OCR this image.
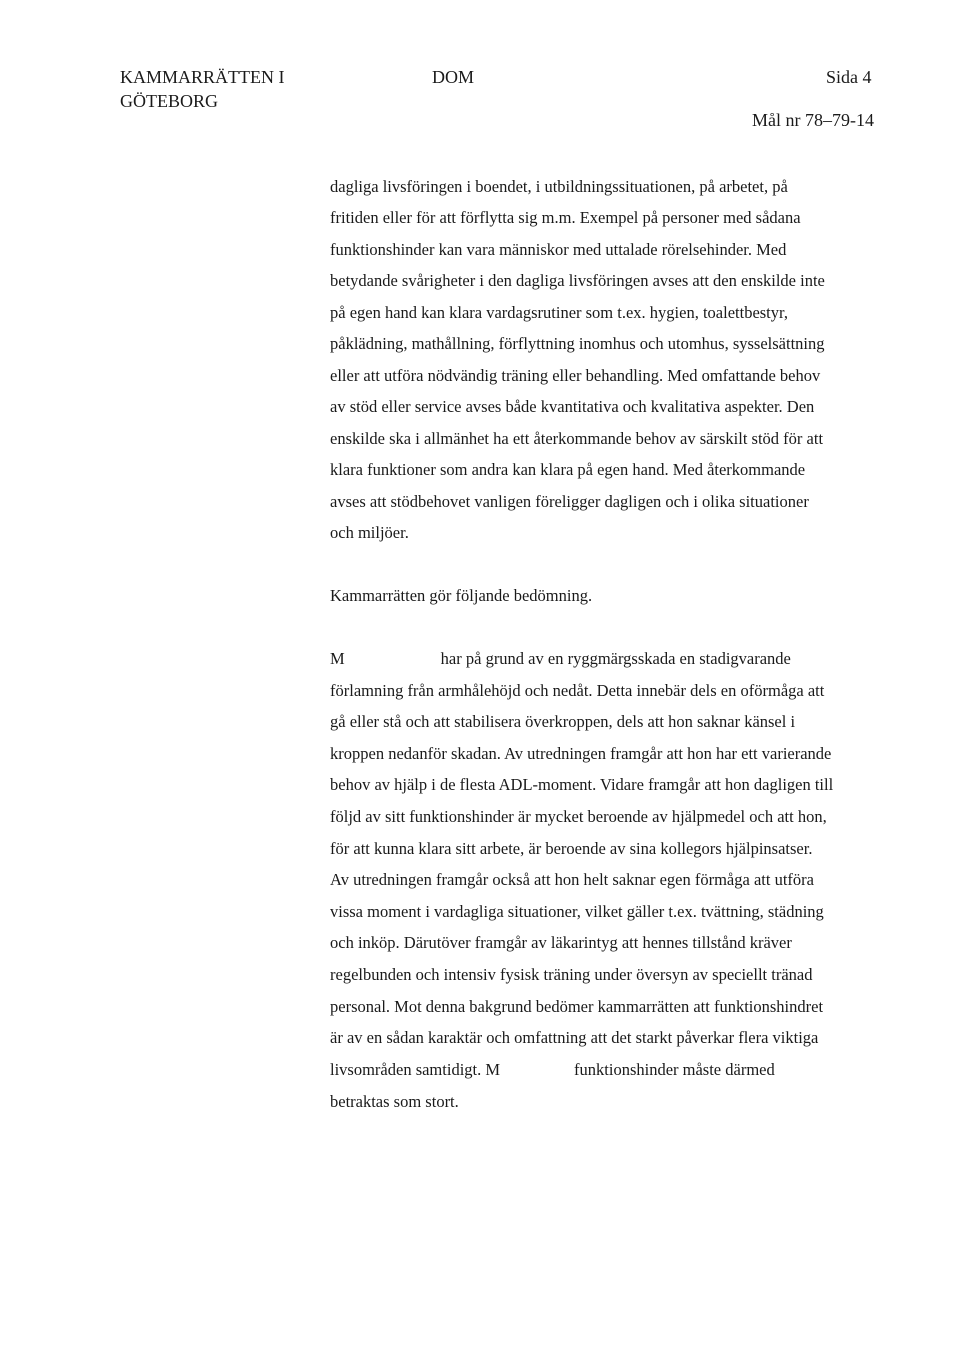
KAMMARRÄTTEN I
GÖTEBORG
DOM	Sida 4
Mål nr 78–79-14
dagliga livsföringen i boendet, i utbildningssituationen, på arbetet, på
fritiden eller för att förflytta sig m.m. Exempel på personer med sådana
funktionshinder kan vara människor med uttalade rörelsehinder. Med
betydande svårigheter i den dagliga livsföringen avses att den enskilde inte
på egen hand kan klara vardagsrutiner som t.ex. hygien, toalettbestyr,
påklädning, mathållning, förflyttning inomhus och utomhus, sysselsättning
eller att utföra nödvändig träning eller behandling. Med omfattande behov
av stöd eller service avses både kvantitativa och kvalitativa aspekter. Den
enskilde ska i allmänhet ha ett återkommande behov av särskilt stöd för att
klara funktioner som andra kan klara på egen hand. Med återkommande
avses att stödbehovet vanligen föreligger dagligen och i olika situationer
och miljöer.
Kammarrätten gör följande bedömning.
M	har på grund av en ryggmärgsskada en stadigvarande
förlamning från armhålehöjd och nedåt. Detta innebär dels en oförmåga att
gå eller stå och att stabilisera överkroppen, dels att hon saknar känsel i
kroppen nedanför skadan. Av utredningen framgår att hon har ett varierande
behov av hjälp i de flesta ADL-moment. Vidare framgår att hon dagligen till
följd av sitt funktionshinder är mycket beroende av hjälpmedel och att hon,
för att kunna klara sitt arbete, är beroende av sina kollegors hjälpinsatser.
Av utredningen framgår också att hon helt saknar egen förmåga att utföra
vissa moment i vardagliga situationer, vilket gäller t.ex. tvättning, städning
och inköp. Därutöver framgår av läkarintyg att hennes tillstånd kräver
regelbunden och intensiv fysisk träning under översyn av speciellt tränad
personal. Mot denna bakgrund bedömer kammarrätten att funktionshindret
är av en sådan karaktär och omfattning att det starkt påverkar flera viktiga
livsområden samtidigt. M	funktionshinder måste därmed
betraktas som stort.
